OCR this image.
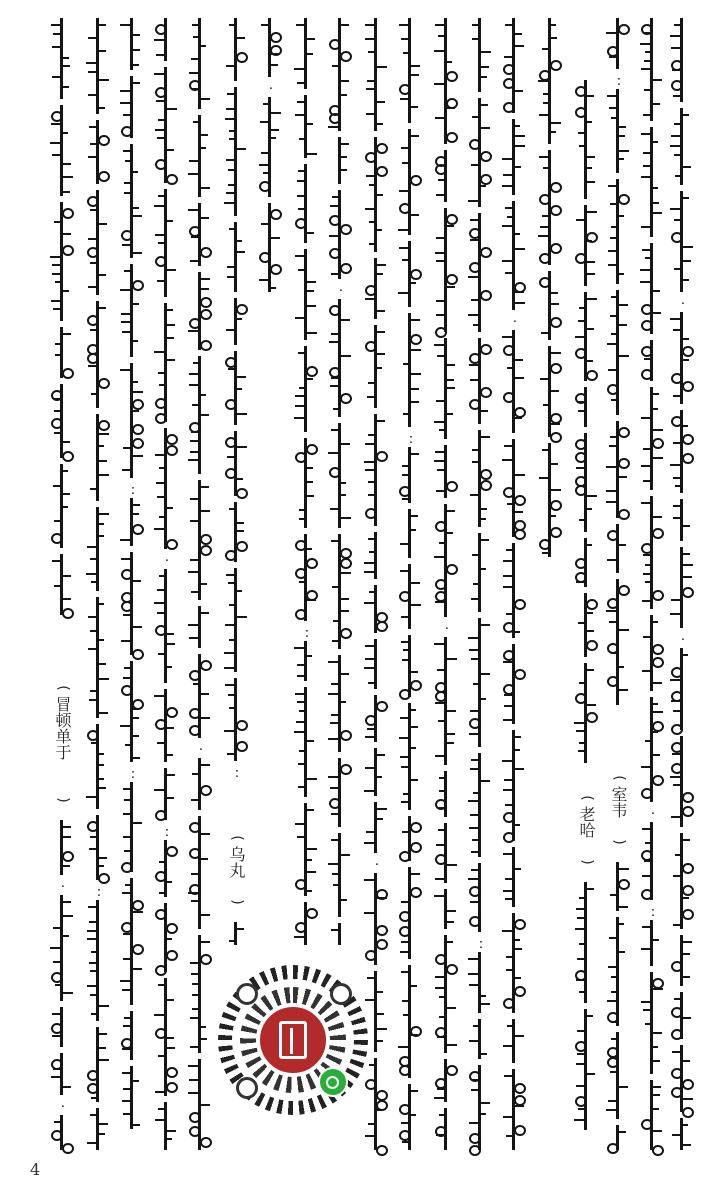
·
·
·
:
:
(
室韦
)
(
老哈
)
·
:
·
:
·
·
:
·
:
(
乌丸
)
·
·
:
:
:
:
(
冒顿单于
)
·
·
4
